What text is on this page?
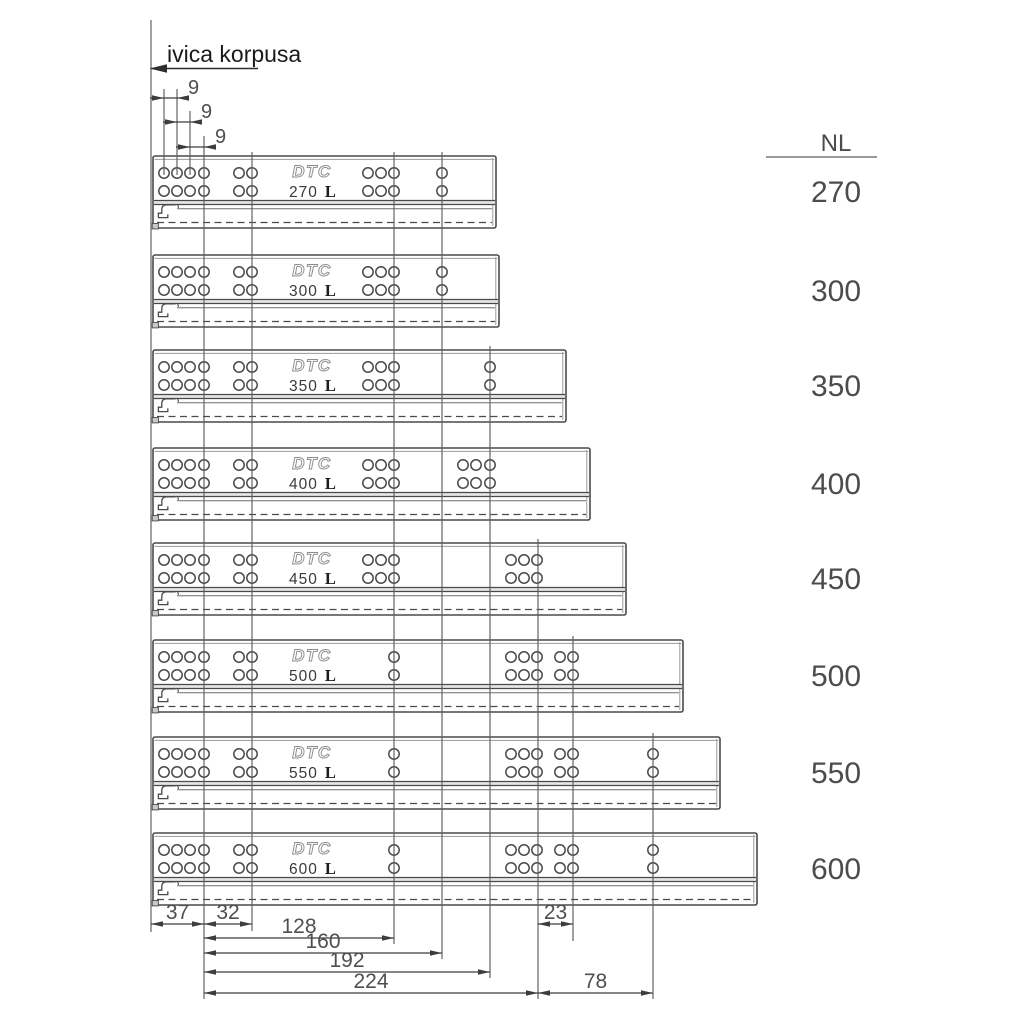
DTC
270 L
DTC
300 L
DTC
350 L
DTC
400 L
DTC
450 L
DTC
500 L
DTC
550 L
DTC
600 L
9
9
9
37 32
128
160
192
224
23
78
270
300
350
400
450
500
550
600
ivica korpusa
NL
